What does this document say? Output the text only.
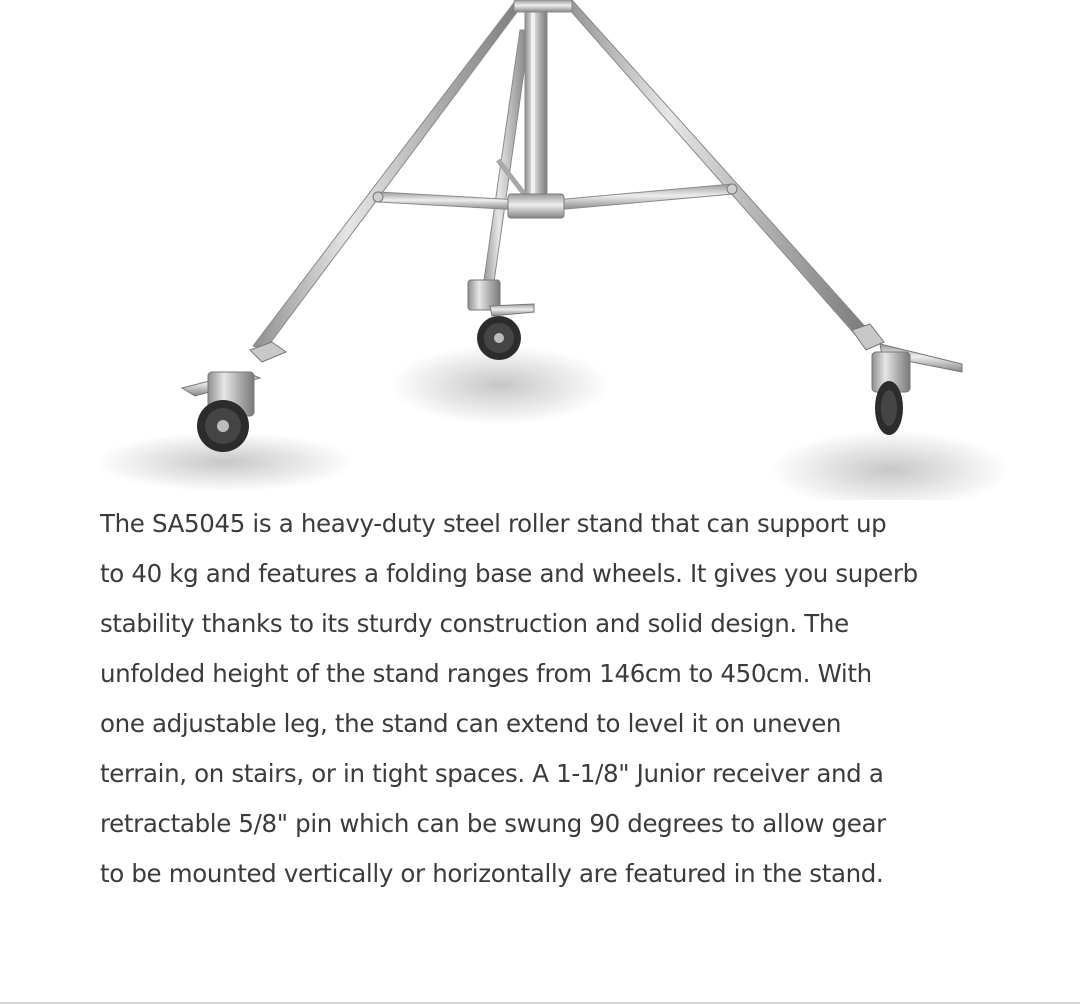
The SA5045 is a heavy-duty steel roller stand that can support up
to 40 kg and features a folding base and wheels. It gives you superb
stability thanks to its sturdy construction and solid design. The
unfolded height of the stand ranges from 146cm to 450cm. With
one adjustable leg, the stand can extend to level it on uneven
terrain, on stairs, or in tight spaces. A 1-1/8" Junior receiver and a
retractable 5/8" pin which can be swung 90 degrees to allow gear
to be mounted vertically or horizontally are featured in the stand.
